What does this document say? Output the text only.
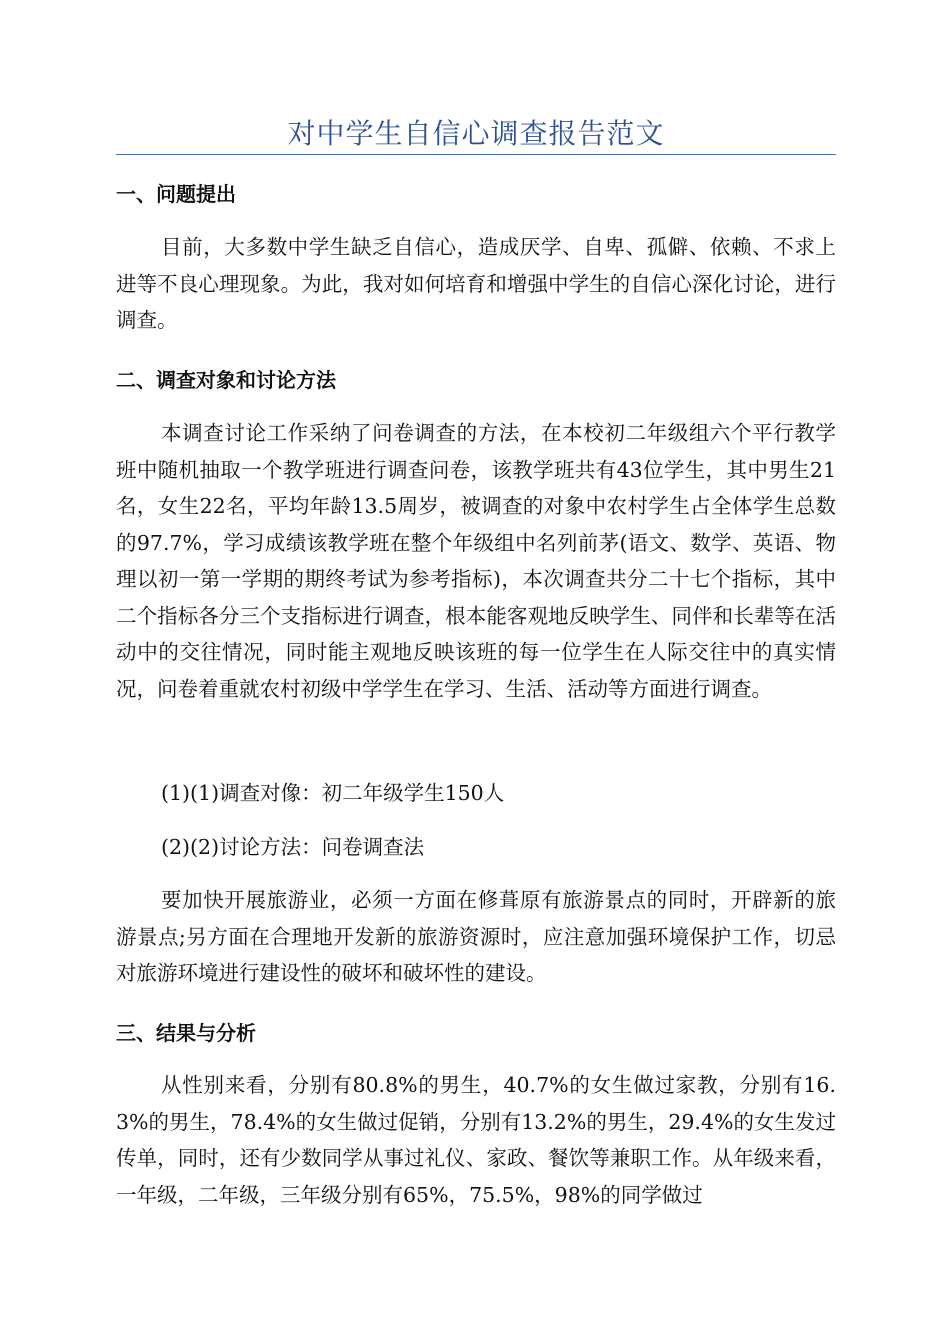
对中学生自信心调查报告范文
一、问题提出
目前，大多数中学生缺乏自信心，造成厌学、自卑、孤僻、依赖、不求上进等不良心理现象。为此，我对如何培育和增强中学生的自信心深化讨论，进行调查。
二、调查对象和讨论方法
本调查讨论工作采纳了问卷调查的方法，在本校初二年级组六个平行教学班中随机抽取一个教学班进行调查问卷，该教学班共有43位学生，其中男生21名，女生22名，平均年龄13.5周岁，被调查的对象中农村学生占全体学生总数的97.7%，学习成绩该教学班在整个年级组中名列前茅(语文、数学、英语、物理以初一第一学期的期终考试为参考指标)，本次调查共分二十七个指标，其中二个指标各分三个支指标进行调查，根本能客观地反映学生、同伴和长辈等在活动中的交往情况，同时能主观地反映该班的每一位学生在人际交往中的真实情况，问卷着重就农村初级中学学生在学习、生活、活动等方面进行调查。
(1)(1)调查对像：初二年级学生150人
(2)(2)讨论方法：问卷调查法
要加快开展旅游业，必须一方面在修葺原有旅游景点的同时，开辟新的旅游景点;另方面在合理地开发新的旅游资源时，应注意加强环境保护工作，切忌对旅游环境进行建设性的破坏和破坏性的建设。
三、结果与分析
从性别来看，分别有80.8%的男生，40.7%的女生做过家教，分别有16.3%的男生，78.4%的女生做过促销，分别有13.2%的男生，29.4%的女生发过传单，同时，还有少数同学从事过礼仪、家政、餐饮等兼职工作。从年级来看，一年级，二年级，三年级分别有65%，75.5%，98%的同学做过
